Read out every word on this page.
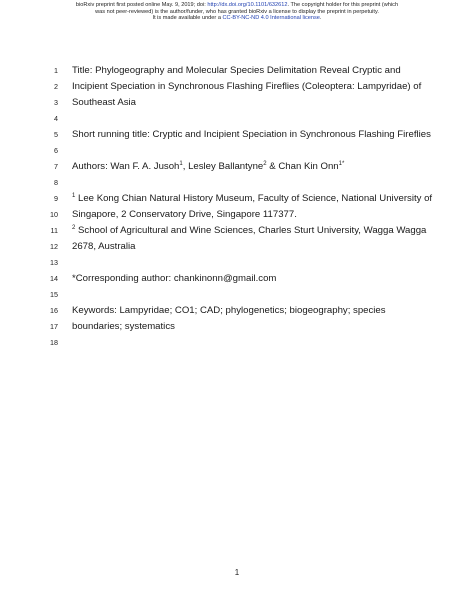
bioRxiv preprint first posted online May. 9, 2019; doi: http://dx.doi.org/10.1101/632612. The copyright holder for this preprint (which
was not peer-reviewed) is the author/funder, who has granted bioRxiv a license to display the preprint in perpetuity.
It is made available under a CC-BY-NC-ND 4.0 International license.
1 Title: Phylogeography and Molecular Species Delimitation Reveal Cryptic and
2 Incipient Speciation in Synchronous Flashing Fireflies (Coleoptera: Lampyridae) of
3 Southeast Asia
4
5 Short running title: Cryptic and Incipient Speciation in Synchronous Flashing Fireflies
6
7 Authors: Wan F. A. Jusoh$^1$, Lesley Ballantyne$^2$ & Chan Kin Onn$^{1*}$
8
9 $^1$ Lee Kong Chian Natural History Museum, Faculty of Science, National University of
10 Singapore, 2 Conservatory Drive, Singapore 117377.
11 $^2$ School of Agricultural and Wine Sciences, Charles Sturt University, Wagga Wagga
12 2678, Australia
13
14 *Corresponding author: chankinonn@gmail.com
15
16 Keywords: Lampyridae; CO1; CAD; phylogenetics; biogeography; species
17 boundaries; systematics
18
1
